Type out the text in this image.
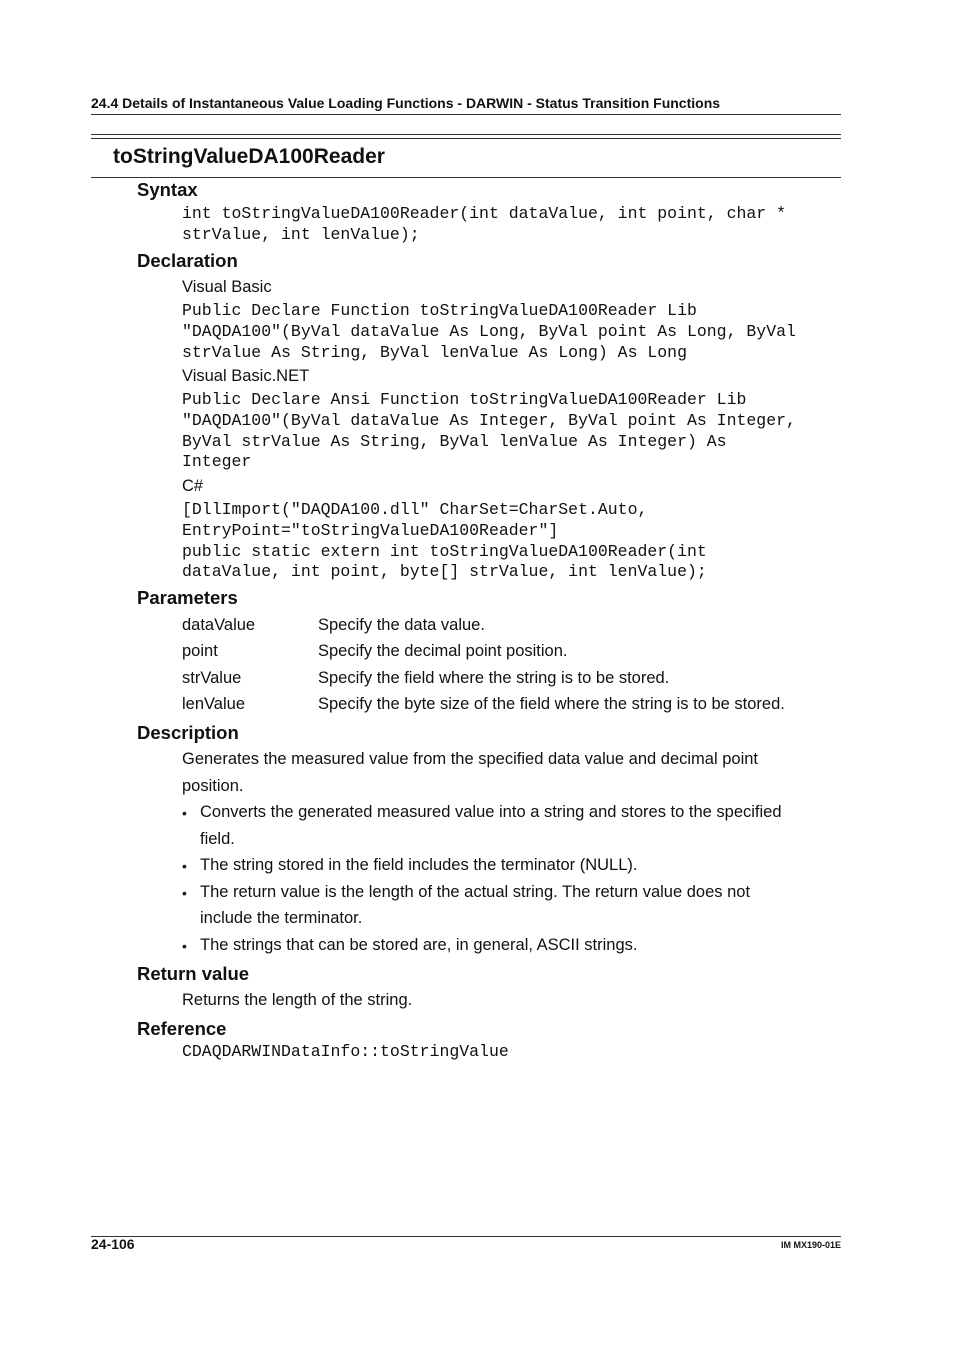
24.4 Details of Instantaneous Value Loading Functions - DARWIN - Status Transition Functions
toStringValueDA100Reader
Syntax
int toStringValueDA100Reader(int dataValue, int point, char *
strValue, int lenValue);
Declaration
Visual Basic
Public Declare Function toStringValueDA100Reader Lib
"DAQDA100"(ByVal dataValue As Long, ByVal point As Long, ByVal
strValue As String, ByVal lenValue As Long) As Long
Visual Basic.NET
Public Declare Ansi Function toStringValueDA100Reader Lib
"DAQDA100"(ByVal dataValue As Integer, ByVal point As Integer,
ByVal strValue As String, ByVal lenValue As Integer) As
Integer
C#
[DllImport("DAQDA100.dll" CharSet=CharSet.Auto,
EntryPoint="toStringValueDA100Reader"]
public static extern int toStringValueDA100Reader(int
dataValue, int point, byte[] strValue, int lenValue);
Parameters
dataValue	Specify the data value.
point	Specify the decimal point position.
strValue	Specify the field where the string is to be stored.
lenValue	Specify the byte size of the field where the string is to be stored.
Description
Generates the measured value from the specified data value and decimal point
position.
• Converts the generated measured value into a string and stores to the specified
field.
• The string stored in the field includes the terminator (NULL).
• The return value is the length of the actual string. The return value does not
include the terminator.
• The strings that can be stored are, in general, ASCII strings.
Return value
Returns the length of the string.
Reference
CDAQDARWINDataInfo::toStringValue
24-106	IM MX190-01E
